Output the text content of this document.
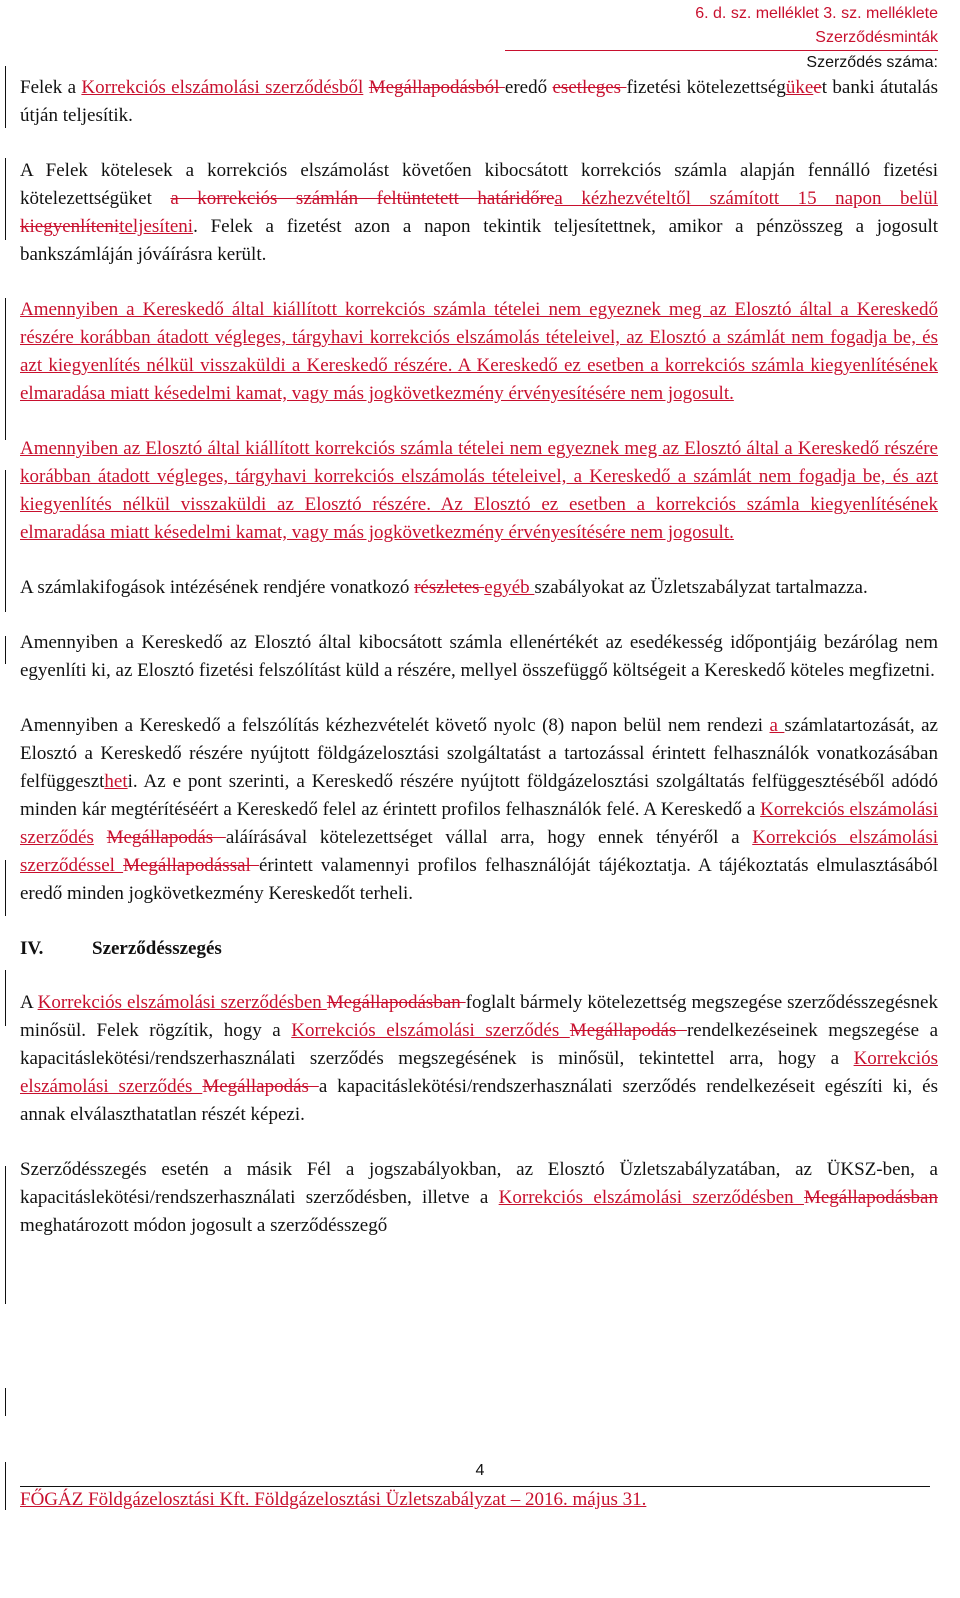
6. d. sz. melléklet 3. sz. melléklete
Szerződésminták
Szerződés száma:

Felek a Korrekciós elszámolási szerződésből Megállapodásból eredő esetleges fizetési kötelezettségükeet banki átutalás útján teljesítik.

A Felek kötelesek a korrekciós elszámolást követően kibocsátott korrekciós számla alapján fennálló fizetési kötelezettségüket a korrekciós számlán feltüntetett határidőrea kézhezvételtől számított 15 napon belül kiegyenlíteniteljesíteni. Felek a fizetést azon a napon tekintik teljesítettnek, amikor a pénzösszeg a jogosult bankszámláján jóváírásra került.

Amennyiben a Kereskedő által kiállított korrekciós számla tételei nem egyeznek meg az Elosztó által a Kereskedő részére korábban átadott végleges, tárgyhavi korrekciós elszámolás tételeivel, az Elosztó a számlát nem fogadja be, és azt kiegyenlítés nélkül visszaküldi a Kereskedő részére. A Kereskedő ez esetben a korrekciós számla kiegyenlítésének elmaradása miatt késedelmi kamat, vagy más jogkövetkezmény érvényesítésére nem jogosult.

Amennyiben az Elosztó által kiállított korrekciós számla tételei nem egyeznek meg az Elosztó által a Kereskedő részére korábban átadott végleges, tárgyhavi korrekciós elszámolás tételeivel, a Kereskedő a számlát nem fogadja be, és azt kiegyenlítés nélkül visszaküldi az Elosztó részére. Az Elosztó ez esetben a korrekciós számla kiegyenlítésének elmaradása miatt késedelmi kamat, vagy más jogkövetkezmény érvényesítésére nem jogosult.

A számlakifogások intézésének rendjére vonatkozó részletes egyéb szabályokat az Üzletszabályzat tartalmazza.

Amennyiben a Kereskedő az Elosztó által kibocsátott számla ellenértékét az esedékesség időpontjáig bezárólag nem egyenlíti ki, az Elosztó fizetési felszólítást küld a részére, mellyel összefüggő költségeit a Kereskedő köteles megfizetni.

Amennyiben a Kereskedő a felszólítás kézhezvételét követő nyolc (8) napon belül nem rendezi a számlatartozását, az Elosztó a Kereskedő részére nyújtott földgázelosztási szolgáltatást a tartozással érintett felhasználók vonatkozásában felfüggesztheti. Az e pont szerinti, a Kereskedő részére nyújtott földgázelosztási szolgáltatás felfüggesztéséből adódó minden kár megtérítéséért a Kereskedő felel az érintett profilos felhasználók felé. A Kereskedő a Korrekciós elszámolási szerződés Megállapodás aláírásával kötelezettséget vállal arra, hogy ennek tényéről a Korrekciós elszámolási szerződéssel Megállapodással érintett valamennyi profilos felhasználóját tájékoztatja. A tájékoztatás elmulasztásából eredő minden jogkövetkezmény Kereskedőt terheli.

IV.	Szerződésszegés

A Korrekciós elszámolási szerződésben Megállapodásban foglalt bármely kötelezettség megszegése szerződésszegésnek minősül. Felek rögzítik, hogy a Korrekciós elszámolási szerződés Megállapodás rendelkezéseinek megszegése a kapacitáslekötési/rendszerhasználati szerződés megszegésének is minősül, tekintettel arra, hogy a Korrekciós elszámolási szerződés Megállapodás a kapacitáslekötési/rendszerhasználati szerződés rendelkezéseit egészíti ki, és annak elválaszthatatlan részét képezi.

Szerződésszegés esetén a másik Fél a jogszabályokban, az Elosztó Üzletszabályzatában, az ÜKSZ-ben, a kapacitáslekötési/rendszerhasználati szerződésben, illetve a Korrekciós elszámolási szerződésben Megállapodásban meghatározott módon jogosult a szerződésszegő

4
FŐGÁZ Földgázelosztási Kft. Földgázelosztási Üzletszabályzat – 2016. május 31.
